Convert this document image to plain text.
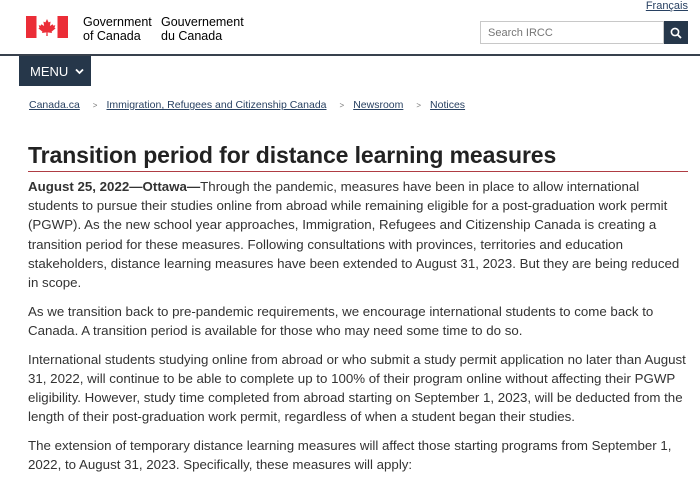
Français
Government
of Canada
Gouvernement
du Canada
Search IRCC
MENU
Canada.ca > Immigration, Refugees and Citizenship Canada > Newsroom > Notices
Transition period for distance learning measures

August 25, 2022—Ottawa—Through the pandemic, measures have been in place to allow international students to pursue their studies online from abroad while remaining eligible for a post-graduation work permit (PGWP). As the new school year approaches, Immigration, Refugees and Citizenship Canada is creating a transition period for these measures. Following consultations with provinces, territories and education stakeholders, distance learning measures have been extended to August 31, 2023. But they are being reduced in scope.

As we transition back to pre-pandemic requirements, we encourage international students to come back to Canada. A transition period is available for those who may need some time to do so.

International students studying online from abroad or who submit a study permit application no later than August 31, 2022, will continue to be able to complete up to 100% of their program online without affecting their PGWP eligibility. However, study time completed from abroad starting on September 1, 2023, will be deducted from the length of their post-graduation work permit, regardless of when a student began their studies.

The extension of temporary distance learning measures will affect those starting programs from September 1, 2022, to August 31, 2023. Specifically, these measures will apply:
